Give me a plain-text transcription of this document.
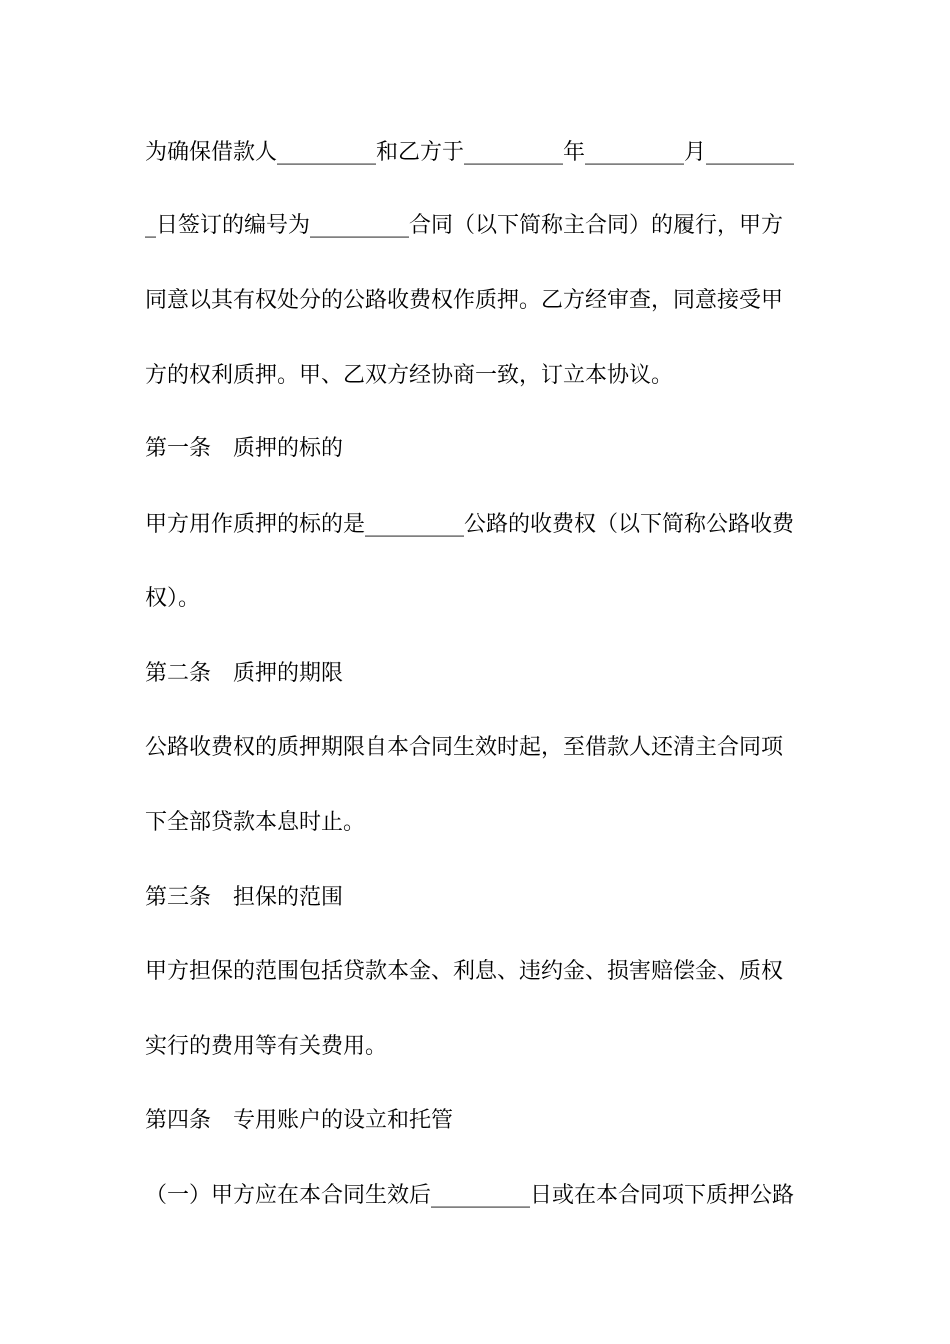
为确保借款人_________和乙方于_________年_________月________
_日签订的编号为_________合同（以下简称主合同）的履行，甲方
同意以其有权处分的公路收费权作质押。乙方经审查，同意接受甲
方的权利质押。甲、乙双方经协商一致，订立本协议。
第一条　质押的标的
甲方用作质押的标的是_________公路的收费权（以下简称公路收费
权）。
第二条　质押的期限
公路收费权的质押期限自本合同生效时起，至借款人还清主合同项
下全部贷款本息时止。
第三条　担保的范围
甲方担保的范围包括贷款本金、利息、违约金、损害赔偿金、质权
实行的费用等有关费用。
第四条　专用账户的设立和托管
（一）甲方应在本合同生效后_________日或在本合同项下质押公路
